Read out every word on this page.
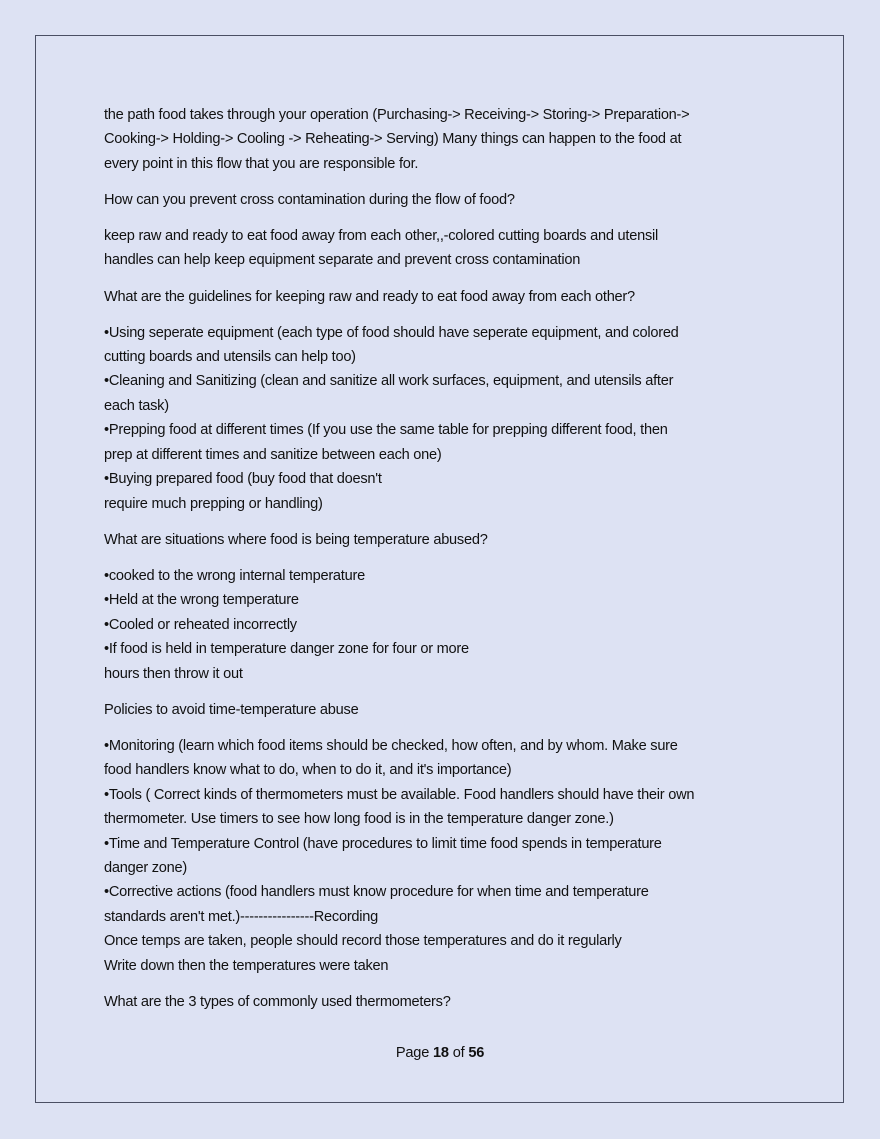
the path food takes through your operation (Purchasing-> Receiving-> Storing-> Preparation->
Cooking-> Holding-> Cooling -> Reheating-> Serving) Many things can happen to the food at
every point in this flow that you are responsible for.
How can you prevent cross contamination during the flow of food?
keep raw and ready to eat food away from each other,,-colored cutting boards and utensil
handles can help keep equipment separate and prevent cross contamination
What are the guidelines for keeping raw and ready to eat food away from each other?
•Using seperate equipment (each type of food should have seperate equipment, and colored
cutting boards and utensils can help too)
•Cleaning and Sanitizing (clean and sanitize all work surfaces, equipment, and utensils after
each task)
•Prepping food at different times (If you use the same table for prepping different food, then
prep at different times and sanitize between each one)
•Buying prepared food (buy food that doesn't
require much prepping or handling)
What are situations where food is being temperature abused?
•cooked to the wrong internal temperature
•Held at the wrong temperature
•Cooled or reheated incorrectly
•If food is held in temperature danger zone for four or more
hours then throw it out
Policies to avoid time-temperature abuse
•Monitoring (learn which food items should be checked, how often, and by whom. Make sure
food handlers know what to do, when to do it, and it's importance)
•Tools ( Correct kinds of thermometers must be available. Food handlers should have their own
thermometer. Use timers to see how long food is in the temperature danger zone.)
•Time and Temperature Control (have procedures to limit time food spends in temperature
danger zone)
•Corrective actions (food handlers must know procedure for when time and temperature
standards aren't met.)----------------Recording
Once temps are taken, people should record those temperatures and do it regularly
Write down then the temperatures were taken
What are the 3 types of commonly used thermometers?
Page 18 of 56
